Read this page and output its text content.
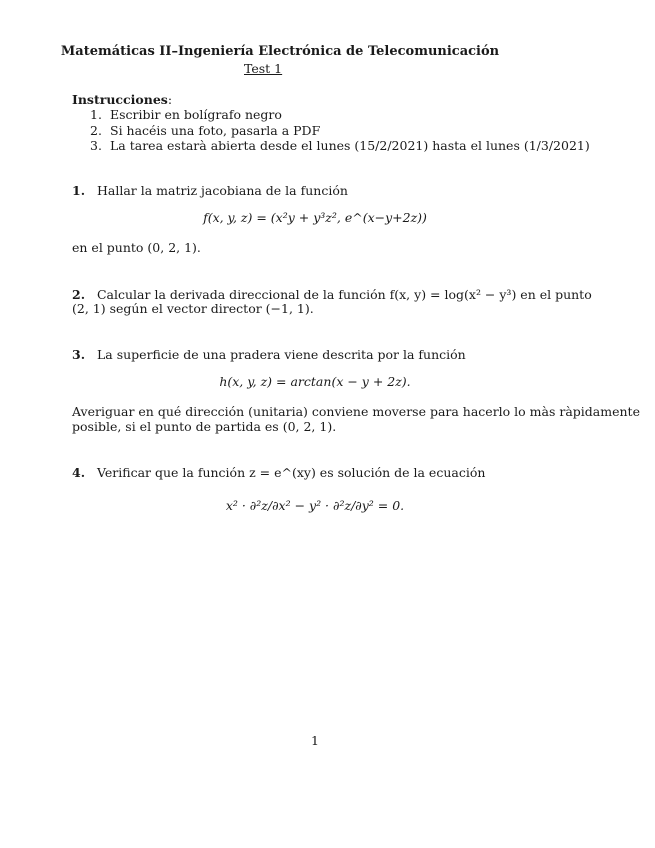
Matemáticas II–Ingeniería Electrónica de Telecomunicación
Test 1
Instrucciones:
1. Escribir en bolígrafo negro
2. Si hacéis una foto, pasarla a PDF
3. La tarea estarà abierta desde el lunes (15/2/2021) hasta el lunes (1/3/2021)
1. Hallar la matriz jacobiana de la función
f(x, y, z) = (x²y + y³z², e^(x−y+2z))
en el punto (0, 2, 1).
2. Calcular la derivada direccional de la función f(x, y) = log(x² − y³) en el punto
(2, 1) según el vector director (−1, 1).
3. La superficie de una pradera viene descrita por la función
h(x, y, z) = arctan(x − y + 2z).
Averiguar en qué dirección (unitaria) conviene moverse para hacerlo lo màs ràpidamente
posible, si el punto de partida es (0, 2, 1).
4. Verificar que la función z = e^(xy) es solución de la ecuación
x² · ∂²z/∂x² − y² · ∂²z/∂y² = 0.
1
